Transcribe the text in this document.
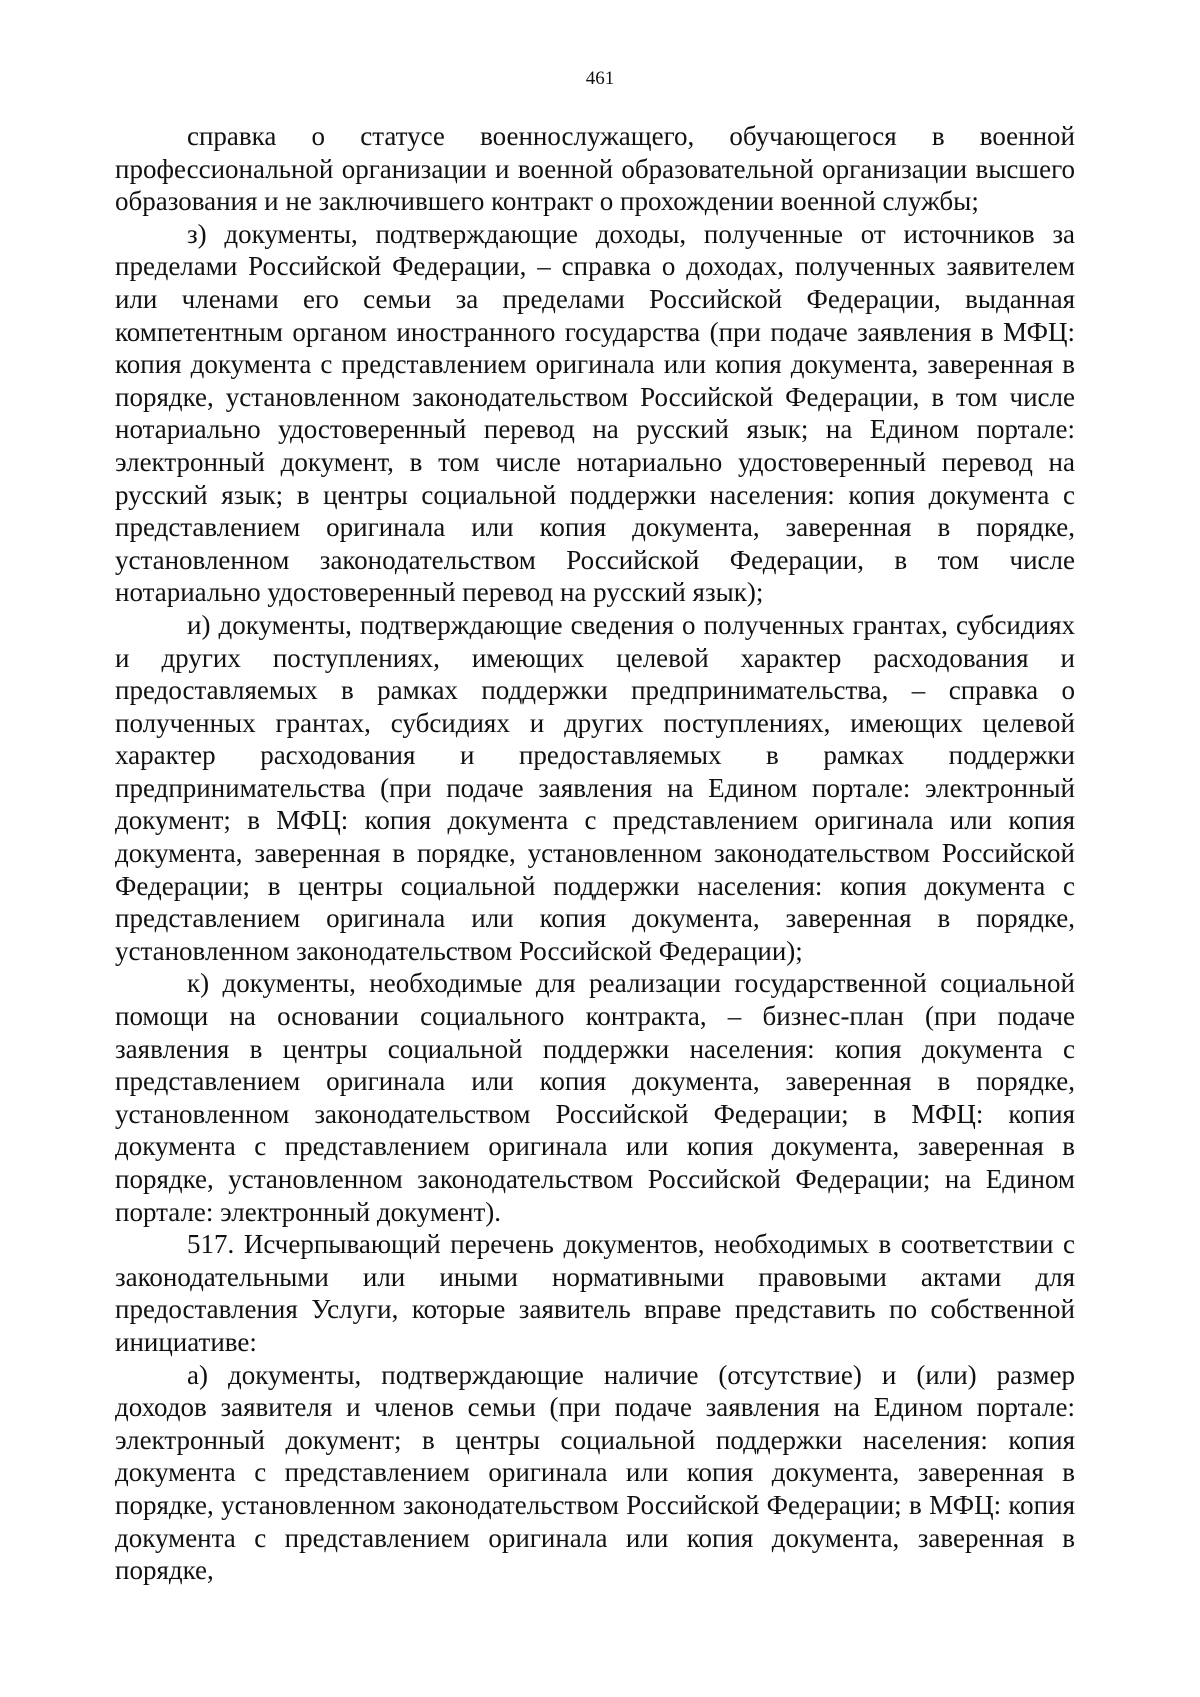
461

справка о статусе военнослужащего, обучающегося в военной профессиональной организации и военной образовательной организации высшего образования и не заключившего контракт о прохождении военной службы;

з) документы, подтверждающие доходы, полученные от источников за пределами Российской Федерации, – справка о доходах, полученных заявителем или членами его семьи за пределами Российской Федерации, выданная компетентным органом иностранного государства (при подаче заявления в МФЦ: копия документа с представлением оригинала или копия документа, заверенная в порядке, установленном законодательством Российской Федерации, в том числе нотариально удостоверенный перевод на русский язык; на Едином портале: электронный документ, в том числе нотариально удостоверенный перевод на русский язык; в центры социальной поддержки населения: копия документа с представлением оригинала или копия документа, заверенная в порядке, установленном законодательством Российской Федерации, в том числе нотариально удостоверенный перевод на русский язык);

и) документы, подтверждающие сведения о полученных грантах, субсидиях и других поступлениях, имеющих целевой характер расходования и предоставляемых в рамках поддержки предпринимательства, – справка о полученных грантах, субсидиях и других поступлениях, имеющих целевой характер расходования и предоставляемых в рамках поддержки предпринимательства (при подаче заявления на Едином портале: электронный документ; в МФЦ: копия документа с представлением оригинала или копия документа, заверенная в порядке, установленном законодательством Российской Федерации; в центры социальной поддержки населения: копия документа с представлением оригинала или копия документа, заверенная в порядке, установленном законодательством Российской Федерации);

к) документы, необходимые для реализации государственной социальной помощи на основании социального контракта, – бизнес-план (при подаче заявления в центры социальной поддержки населения: копия документа с представлением оригинала или копия документа, заверенная в порядке, установленном законодательством Российской Федерации; в МФЦ: копия документа с представлением оригинала или копия документа, заверенная в порядке, установленном законодательством Российской Федерации; на Едином портале: электронный документ).

517. Исчерпывающий перечень документов, необходимых в соответствии с законодательными или иными нормативными правовыми актами для предоставления Услуги, которые заявитель вправе представить по собственной инициативе:

а) документы, подтверждающие наличие (отсутствие) и (или) размер доходов заявителя и членов семьи (при подаче заявления на Едином портале: электронный документ; в центры социальной поддержки населения: копия документа с представлением оригинала или копия документа, заверенная в порядке, установленном законодательством Российской Федерации; в МФЦ: копия документа с представлением оригинала или копия документа, заверенная в порядке,
